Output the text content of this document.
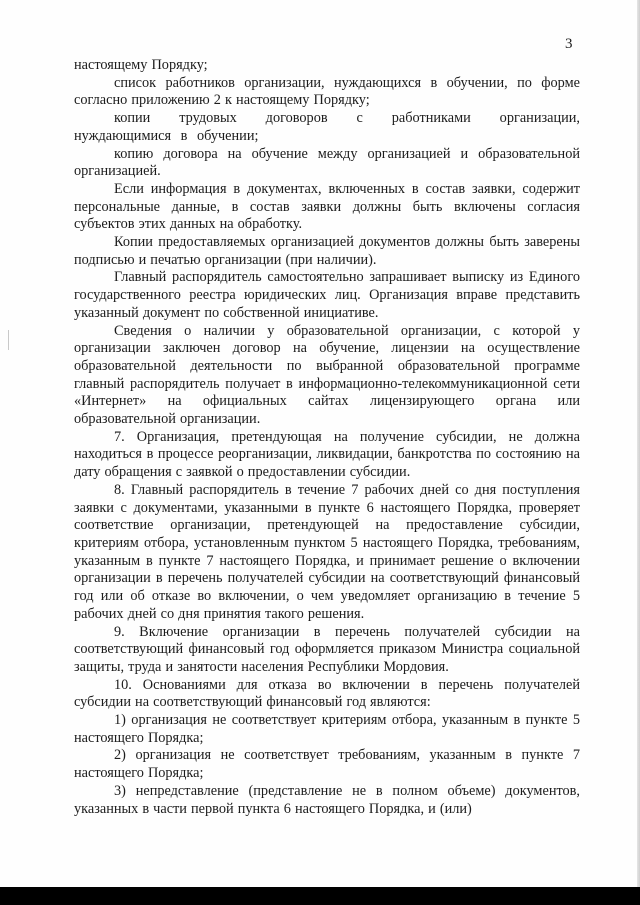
3

настоящему Порядку;

список работников организации, нуждающихся в обучении, по форме согласно приложению 2 к настоящему Порядку;

копии трудовых договоров с работниками организации, нуждающимися в обучении;

копию договора на обучение между организацией и образовательной организацией.

Если информация в документах, включенных в состав заявки, содержит персональные данные, в состав заявки должны быть включены согласия субъектов этих данных на обработку.

Копии предоставляемых организацией документов должны быть заверены подписью и печатью организации (при наличии).

Главный распорядитель самостоятельно запрашивает выписку из Единого государственного реестра юридических лиц. Организация вправе представить указанный документ по собственной инициативе.

Сведения о наличии у образовательной организации, с которой у организации заключен договор на обучение, лицензии на осуществление образовательной деятельности по выбранной образовательной программе главный распорядитель получает в информационно-телекоммуникационной сети «Интернет» на официальных сайтах лицензирующего органа или образовательной организации.

7. Организация, претендующая на получение субсидии, не должна находиться в процессе реорганизации, ликвидации, банкротства по состоянию на дату обращения с заявкой о предоставлении субсидии.

8. Главный распорядитель в течение 7 рабочих дней со дня поступления заявки с документами, указанными в пункте 6 настоящего Порядка, проверяет соответствие организации, претендующей на предоставление субсидии, критериям отбора, установленным пунктом 5 настоящего Порядка, требованиям, указанным в пункте 7 настоящего Порядка, и принимает решение о включении организации в перечень получателей субсидии на соответствующий финансовый год или об отказе во включении, о чем уведомляет организацию в течение 5 рабочих дней со дня принятия такого решения.

9. Включение организации в перечень получателей субсидии на соответствующий финансовый год оформляется приказом Министра социальной защиты, труда и занятости населения Республики Мордовия.

10. Основаниями для отказа во включении в перечень получателей субсидии на соответствующий финансовый год являются:

1) организация не соответствует критериям отбора, указанным в пункте 5 настоящего Порядка;

2) организация не соответствует требованиям, указанным в пункте 7 настоящего Порядка;

3) непредставление (представление не в полном объеме) документов, указанных в части первой пункта 6 настоящего Порядка, и (или)
